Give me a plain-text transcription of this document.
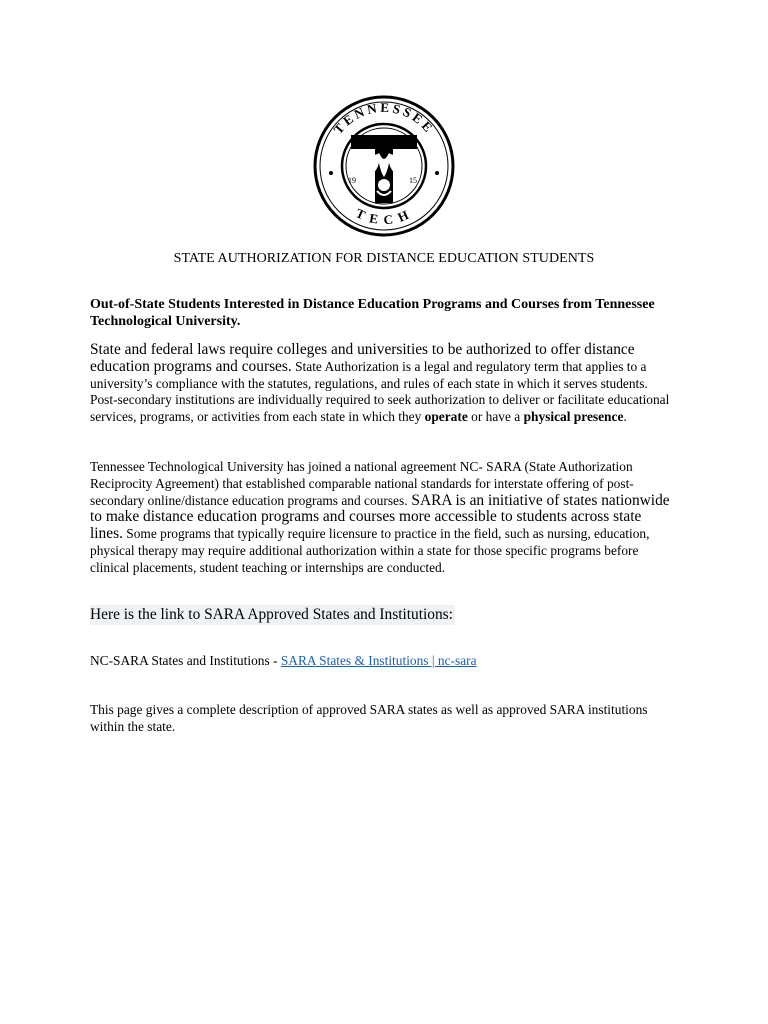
TENNESSEE
TECH
19	15
STATE AUTHORIZATION FOR DISTANCE EDUCATION STUDENTS
Out-of-State Students Interested in Distance Education Programs and Courses from Tennessee Technological University.
State and federal laws require colleges and universities to be authorized to offer distance education programs and courses. State Authorization is a legal and regulatory term that applies to a university’s compliance with the statutes, regulations, and rules of each state in which it serves students. Post-secondary institutions are individually required to seek authorization to deliver or facilitate educational services, programs, or activities from each state in which they operate or have a physical presence.
Tennessee Technological University has joined a national agreement NC- SARA (State Authorization Reciprocity Agreement) that established comparable national standards for interstate offering of post-secondary online/distance education programs and courses. SARA is an initiative of states nationwide to make distance education programs and courses more accessible to students across state lines. Some programs that typically require licensure to practice in the field, such as nursing, education, physical therapy may require additional authorization within a state for those specific programs before clinical placements, student teaching or internships are conducted.
Here is the link to SARA Approved States and Institutions:
NC-SARA States and Institutions - SARA States & Institutions | nc-sara
This page gives a complete description of approved SARA states as well as approved SARA institutions within the state.
